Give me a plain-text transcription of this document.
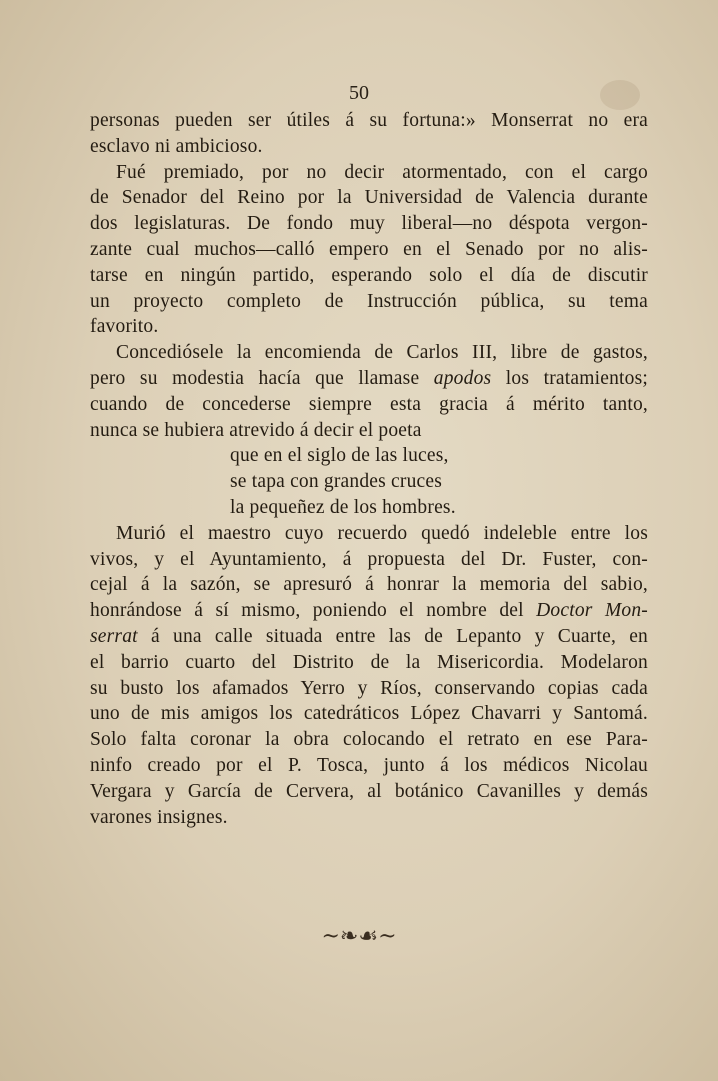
50
personas pueden ser útiles á su fortuna:» Monserrat no era
esclavo ni ambicioso.
Fué premiado, por no decir atormentado, con el cargo
de Senador del Reino por la Universidad de Valencia durante
dos legislaturas. De fondo muy liberal—no déspota vergon-
zante cual muchos—calló empero en el Senado por no alis-
tarse en ningún partido, esperando solo el día de discutir
un proyecto completo de Instrucción pública, su tema
favorito.
Concediósele la encomienda de Carlos III, libre de gastos,
pero su modestia hacía que llamase apodos los tratamientos;
cuando de concederse siempre esta gracia á mérito tanto,
nunca se hubiera atrevido á decir el poeta
que en el siglo de las luces,
se tapa con grandes cruces
la pequeñez de los hombres.
Murió el maestro cuyo recuerdo quedó indeleble entre los
vivos, y el Ayuntamiento, á propuesta del Dr. Fuster, con-
cejal á la sazón, se apresuró á honrar la memoria del sabio,
honrándose á sí mismo, poniendo el nombre del Doctor Mon-
serrat á una calle situada entre las de Lepanto y Cuarte, en
el barrio cuarto del Distrito de la Misericordia. Modelaron
su busto los afamados Yerro y Ríos, conservando copias cada
uno de mis amigos los catedráticos López Chavarri y Santomá.
Solo falta coronar la obra colocando el retrato en ese Para-
ninfo creado por el P. Tosca, junto á los médicos Nicolau
Vergara y García de Cervera, al botánico Cavanilles y demás
varones insignes.
~❧☙~
